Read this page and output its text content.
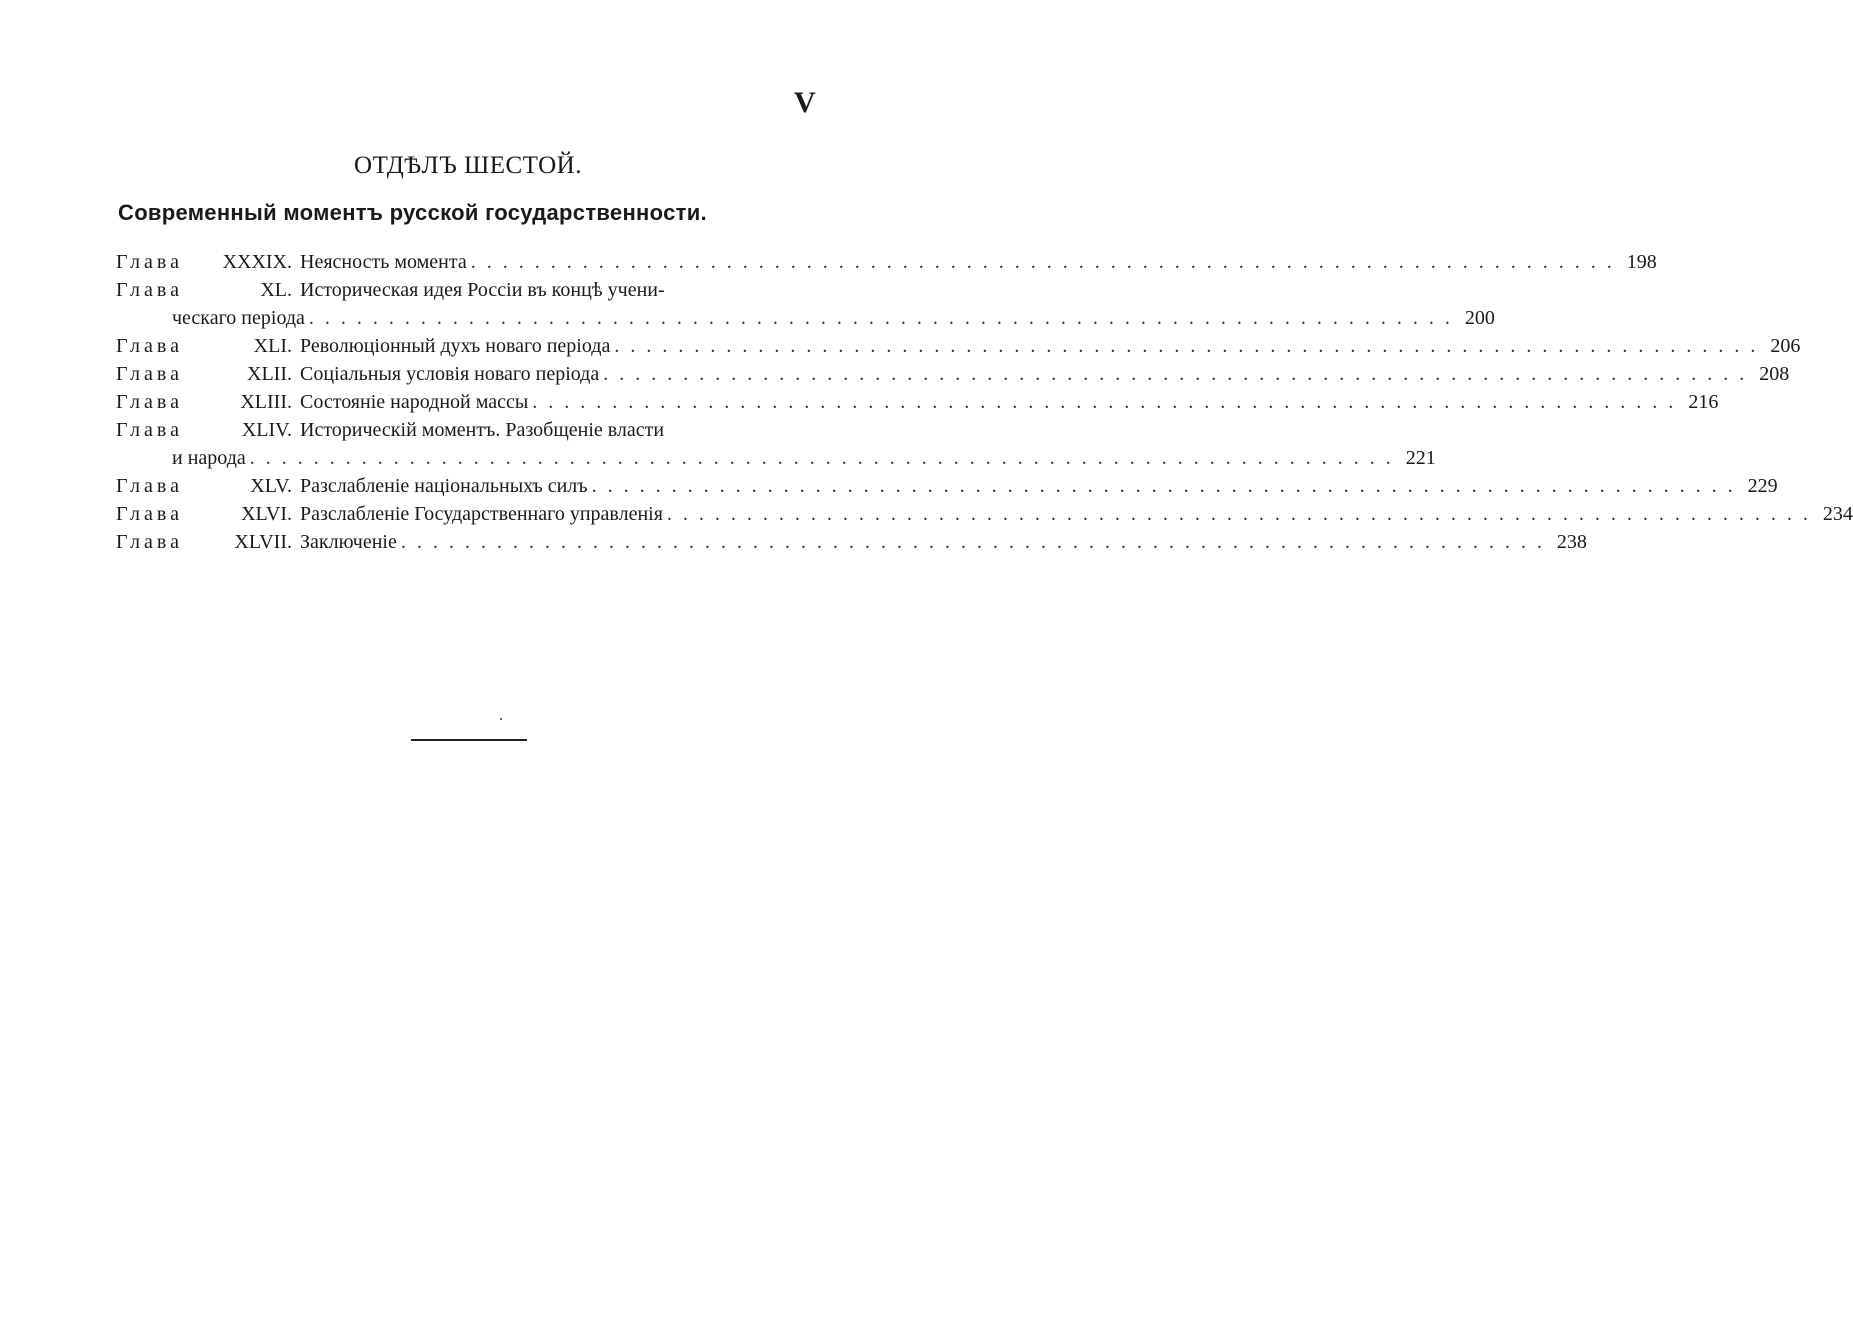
V
ОТДѢЛЪ ШЕСТОЙ.
Современный моментъ русской государственности.
Глава	XXXIX. Неясность момента . . .	198
Глава	XL. Историческая идея Россіи въ концѣ учени-
ческаго періода . . .	200
Глава	XLI. Революціонный духъ новаго періода . . .	206
Глава	XLII. Соціальныя условія новаго періода . . .	208
Глава	XLIII. Состояніе народной массы . . .	216
Глава	XLIV. Историческій моментъ. Разобщеніе власти
и народа . . .	221
Глава	XLV. Разслабленіе національныхъ силъ . . .	229
Глава	XLVI. Разслабленіе Государственнаго управленія . . .	234
Глава	XLVII. Заключеніе . . .	238
